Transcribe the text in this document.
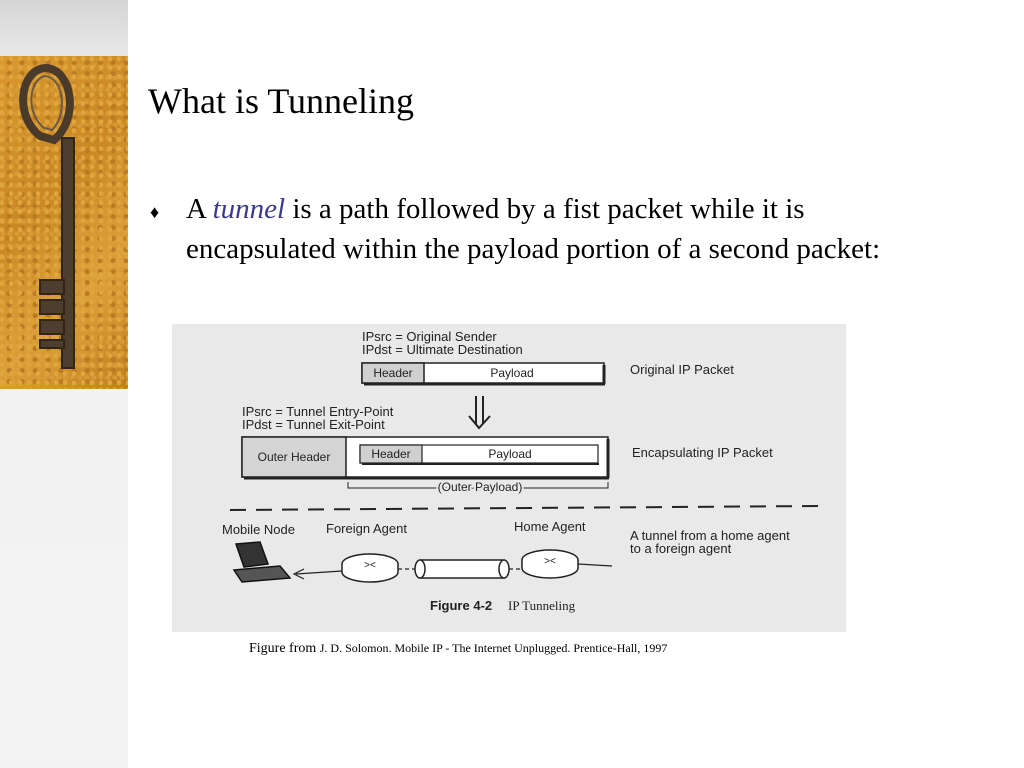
What is Tunneling
♦ A tunnel is a path followed by a fist packet while it is encapsulated within the payload portion of a second packet:
IPsrc = Original Sender
IPdst = Ultimate Destination
Header	Payload	Original IP Packet
IPsrc = Tunnel Entry-Point
IPdst = Tunnel Exit-Point
Outer Header	Header	Payload	Encapsulating IP Packet
(Outer Payload)
Mobile Node Foreign Agent	Home Agent
A tunnel from a home agent
to a foreign agent
><	><
Figure 4-2 IP Tunneling
Figure from J. D. Solomon. Mobile IP - The Internet Unplugged. Prentice-Hall, 1997
